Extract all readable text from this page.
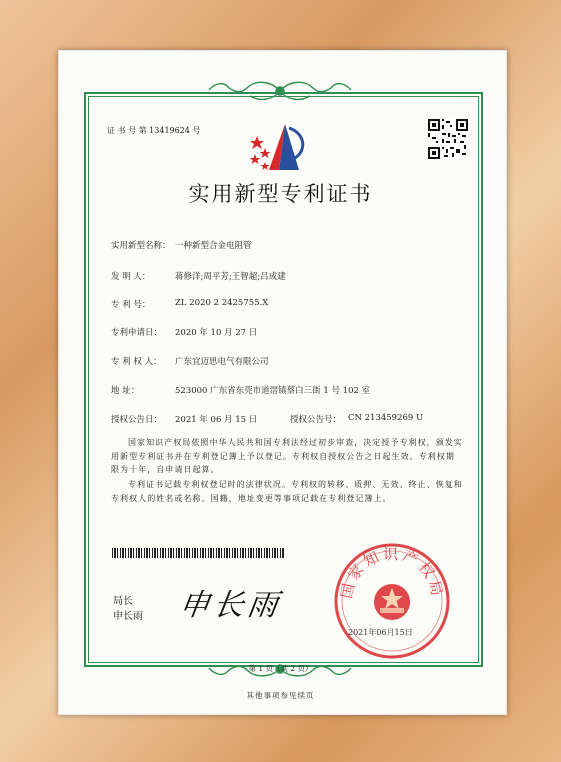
证 书 号 第 13419624 号
实用新型专利证书
实用新型名称： 一种新型合金电阻管
发 明 人：	蒋修洋;周平芳;王智超;吕成建
专 利 号：	ZL 2020 2 2425755.X
专利申请日： 2020 年 10 月 27 日
专 利 权 人： 广东宜迈思电气有限公司
地 址：	523000 广东省东莞市道滘镇蔡白三街 1 号 102 室
授权公告日： 2021 年 06 月 15 日	授权公告号： CN 213459269 U
国家知识产权局依照中华人民共和国专利法经过初步审查，决定授予专利权，颁发实用新型专利证书并在专利登记簿上予以登记。专利权自授权公告之日起生效。专利权期限为十年，自申请日起算。
专利证书记载专利权登记时的法律状况。专利权的转移、质押、无效、终止、恢复和专利权人的姓名或名称、国籍、地址变更等事项记载在专利登记簿上。
局长
申长雨 申长雨	国家知识产权局
2021年06月15日
第 1 页（共 2 页）
其他事项参见续页
